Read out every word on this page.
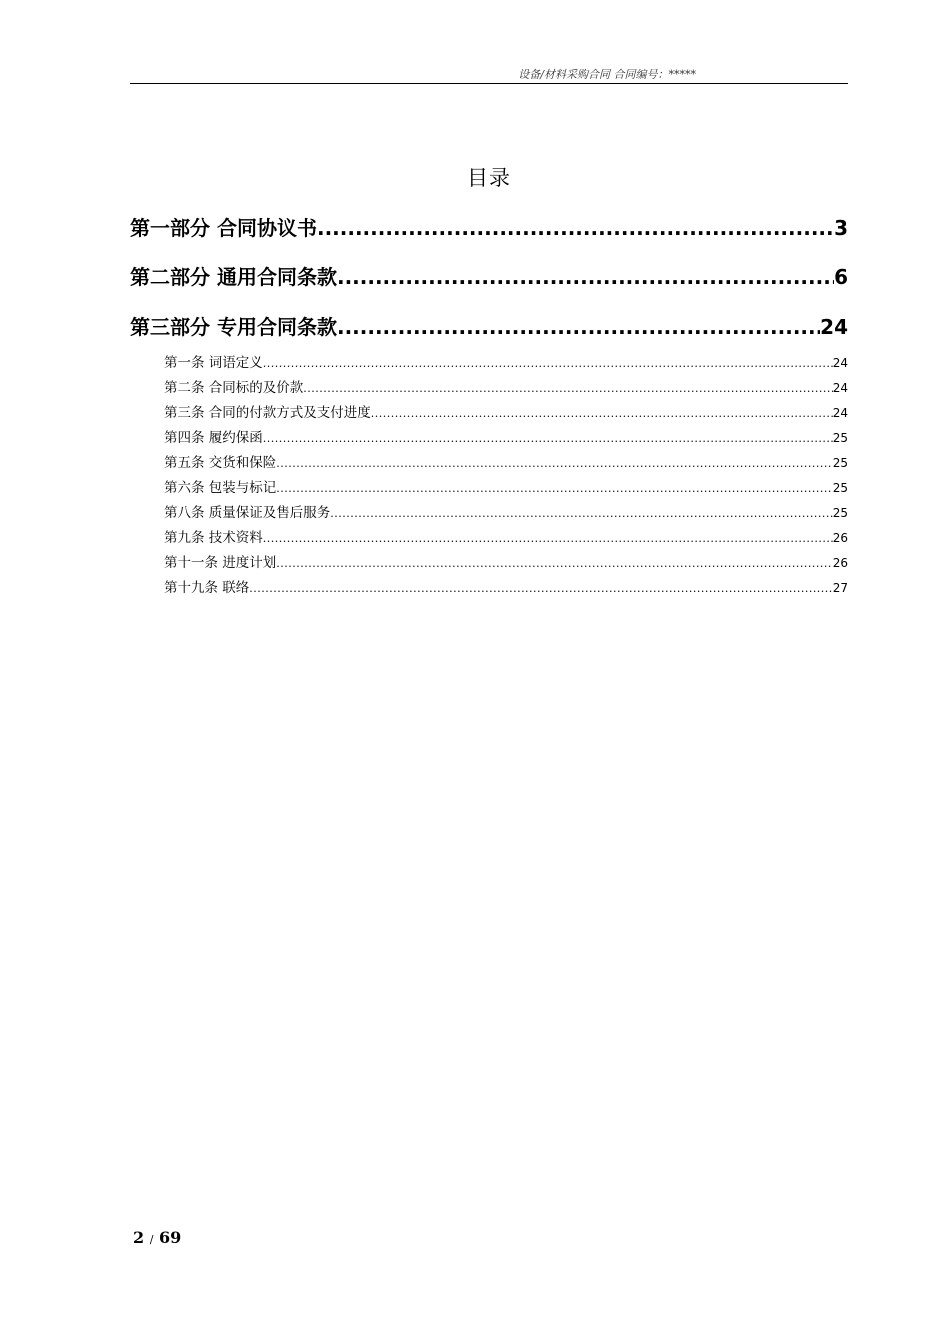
设备/材料采购合同 合同编号：*****
目录
第一部分 合同协议书 .....	3
第二部分 通用合同条款 .....	6
第三部分 专用合同条款 .....	24
第一条 词语定义 .....	24
第二条 合同标的及价款 .....	24
第三条 合同的付款方式及支付进度 .....	24
第四条 履约保函 .....	25
第五条 交货和保险 .....	25
第六条 包装与标记 .....	25
第八条 质量保证及售后服务 .....	25
第九条 技术资料 .....	26
第十一条 进度计划 .....	26
第十九条 联络 .....	27
2 / 69
